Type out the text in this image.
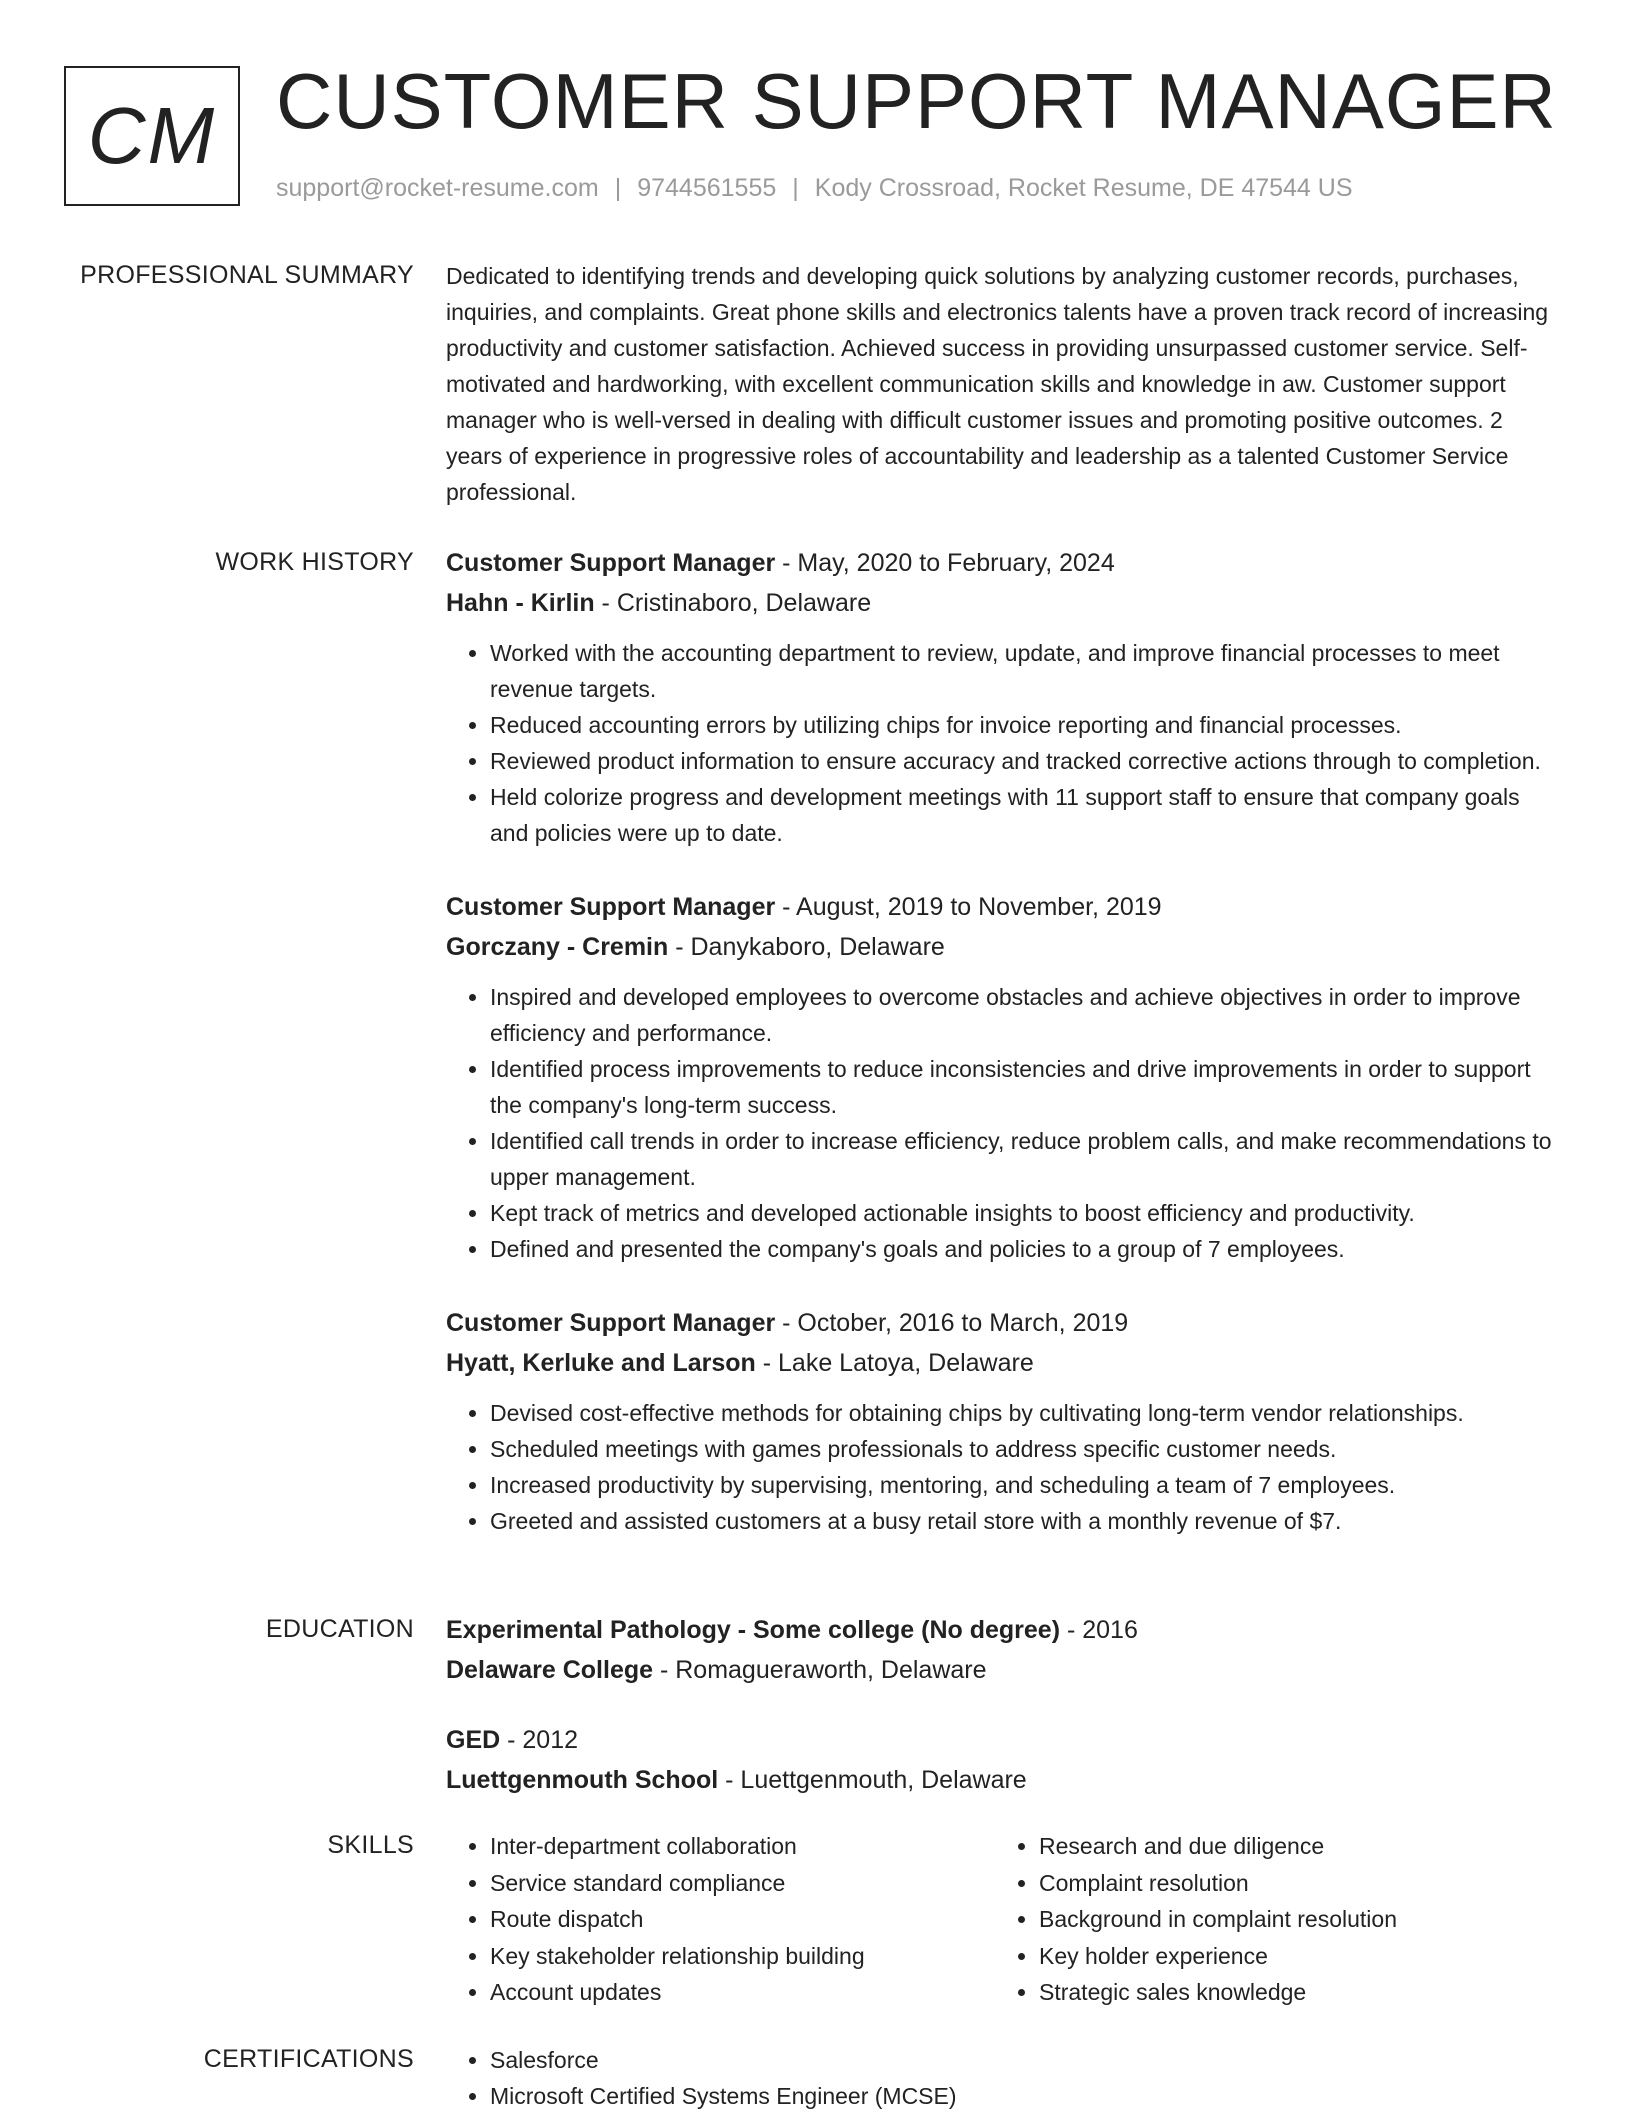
CM CUSTOMER SUPPORT MANAGER
support@rocket-resume.com | 9744561555 | Kody Crossroad, Rocket Resume, DE 47544 US
PROFESSIONAL SUMMARY Dedicated to identifying trends and developing quick solutions by analyzing customer records, purchases, inquiries, and complaints. Great phone skills and electronics talents have a proven track record of increasing productivity and customer satisfaction. Achieved success in providing unsurpassed customer service. Self-motivated and hardworking, with excellent communication skills and knowledge in aw. Customer support manager who is well-versed in dealing with difficult customer issues and promoting positive outcomes. 2 years of experience in progressive roles of accountability and leadership as a talented Customer Service professional.

WORK HISTORY Customer Support Manager - May, 2020 to February, 2024
Hahn - Kirlin - Cristinaboro, Delaware
• Worked with the accounting department to review, update, and improve financial processes to meet revenue targets.
• Reduced accounting errors by utilizing chips for invoice reporting and financial processes.
• Reviewed product information to ensure accuracy and tracked corrective actions through to completion.
• Held colorize progress and development meetings with 11 support staff to ensure that company goals and policies were up to date.
Customer Support Manager - August, 2019 to November, 2019
Gorczany - Cremin - Danykaboro, Delaware
• Inspired and developed employees to overcome obstacles and achieve objectives in order to improve efficiency and performance.
• Identified process improvements to reduce inconsistencies and drive improvements in order to support the company's long-term success.
• Identified call trends in order to increase efficiency, reduce problem calls, and make recommendations to upper management.
• Kept track of metrics and developed actionable insights to boost efficiency and productivity.
• Defined and presented the company's goals and policies to a group of 7 employees.
Customer Support Manager - October, 2016 to March, 2019
Hyatt, Kerluke and Larson - Lake Latoya, Delaware
• Devised cost-effective methods for obtaining chips by cultivating long-term vendor relationships.
• Scheduled meetings with games professionals to address specific customer needs.
• Increased productivity by supervising, mentoring, and scheduling a team of 7 employees.
• Greeted and assisted customers at a busy retail store with a monthly revenue of $7.
EDUCATION Experimental Pathology - Some college (No degree) - 2016
Delaware College - Romagueraworth, Delaware
GED - 2012
Luettgenmouth School - Luettgenmouth, Delaware
SKILLS	• Inter-department collaboration
• Service standard compliance
• Route dispatch
• Key stakeholder relationship building
• Account updates
• Research and due diligence
• Complaint resolution
• Background in complaint resolution
• Key holder experience
• Strategic sales knowledge
CERTIFICATIONS	• Salesforce
• Microsoft Certified Systems Engineer (MCSE)
